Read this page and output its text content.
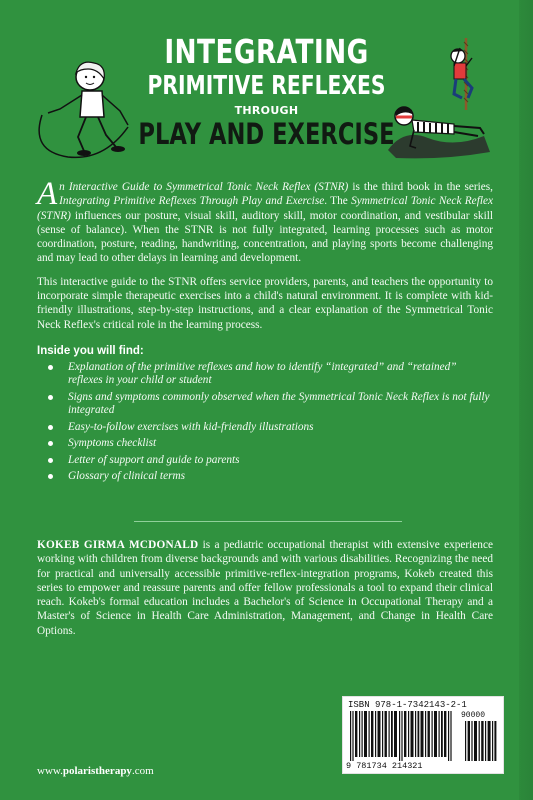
INTEGRATING
PRIMITIVE REFLEXES
THROUGH
PLAY AND EXERCISE

An Interactive Guide to Symmetrical Tonic Neck Reflex (STNR) is the third book in the series, Integrating Primitive Reflexes Through Play and Exercise. The Symmetrical Tonic Neck Reflex (STNR) influences our posture, visual skill, auditory skill, motor coordination, and vestibular skill (sense of balance). When the STNR is not fully integrated, learning processes such as motor coordination, posture, reading, handwriting, concentration, and playing sports become challenging and may lead to other delays in learning and development.

This interactive guide to the STNR offers service providers, parents, and teachers the opportunity to incorporate simple therapeutic exercises into a child's natural environment. It is complete with kid-friendly illustrations, step-by-step instructions, and a clear explanation of the Symmetrical Tonic Neck Reflex's critical role in the learning process.

Inside you will find:
Explanation of the primitive reflexes and how to identify “integrated” and “retained” reflexes in your child or student
Signs and symptoms commonly observed when the Symmetrical Tonic Neck Reflex is not fully integrated
Easy-to-follow exercises with kid-friendly illustrations
Symptoms checklist
Letter of support and guide to parents
Glossary of clinical terms

KOKEB GIRMA MCDONALD is a pediatric occupational therapist with extensive experience working with children from diverse backgrounds and with various disabilities. Recognizing the need for practical and universally accessible primitive-reflex-integration programs, Kokeb created this series to empower and reassure parents and offer fellow professionals a tool to expand their clinical reach. Kokeb's formal education includes a Bachelor's of Science in Occupational Therapy and a Master's of Science in Health Care Administration, Management, and Change in Health Care Options.

www.polaristherapy.com
ISBN 978-1-7342143-2-1
90000
9 781734 214321
